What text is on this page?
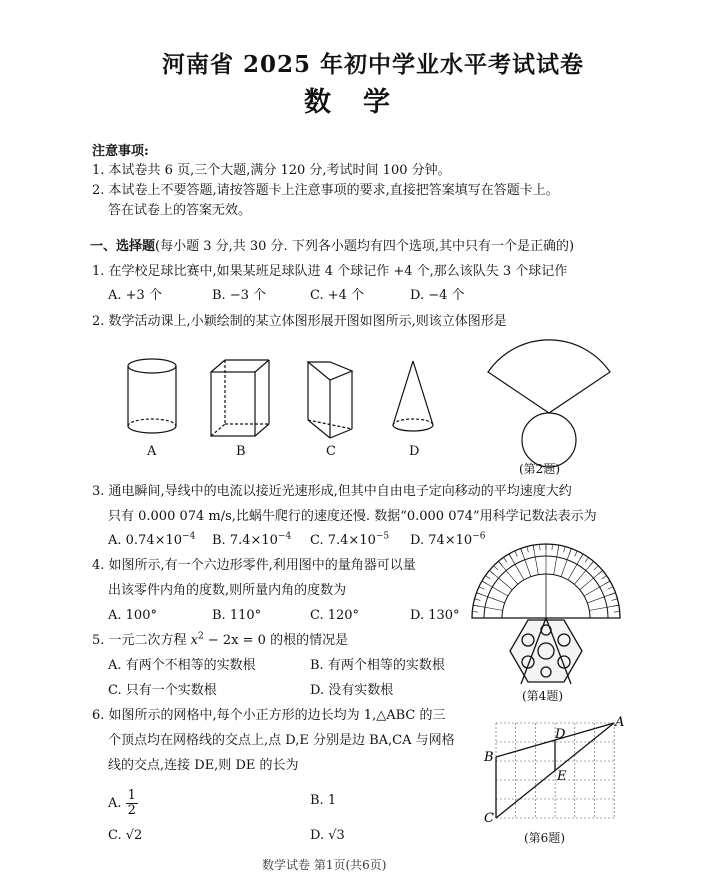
河南省 2025 年初中学业水平考试试卷
数学
注意事项:
1. 本试卷共 6 页,三个大题,满分 120 分,考试时间 100 分钟。
2. 本试卷上不要答题,请按答题卡上注意事项的要求,直接把答案填写在答题卡上。
答在试卷上的答案无效。
一、选择题(每小题 3 分,共 30 分. 下列各小题均有四个选项,其中只有一个是正确的)
1. 在学校足球比赛中,如果某班足球队进 4 个球记作 +4 个,那么该队失 3 个球记作
A. +3 个	B. −3 个	C. +4 个	D. −4 个
2. 数学活动课上,小颖绘制的某立体图形展开图如图所示,则该立体图形是
A	B	C	D
(第2题)
3. 通电瞬间,导线中的电流以接近光速形成,但其中自由电子定向移动的平均速度大约
只有 0.000 074 m/s,比蜗牛爬行的速度还慢. 数据“0.000 074”用科学记数法表示为
A. $0.74\times 10^{-4}$ B. $7.4\times 10^{-4}$ C. $7.4\times 10^{-5}$ D. $74\times 10^{-6}$
4. 如图所示,有一个六边形零件,利用图中的量角器可以量
出该零件内角的度数,则所量内角的度数为
A. 100°	B. 110°	C. 120°	D. 130°
(第4题)
5. 一元二次方程 $x^2 - 2x = 0$ 的根的情况是
A. 有两个不相等的实数根	B. 有两个相等的实数根
C. 只有一个实数根	D. 没有实数根
6. 如图所示的网格中,每个小正方形的边长均为 1,△ABC 的三
个顶点均在网格线的交点上,点 D,E 分别是边 BA,CA 与网格
线的交点,连接 DE,则 DE 的长为
A. $\frac{1}{2}$	B. 1
C. √2	D. √3	(第6题)
A
B
C
D
E
数学试卷 第1页(共6页)
